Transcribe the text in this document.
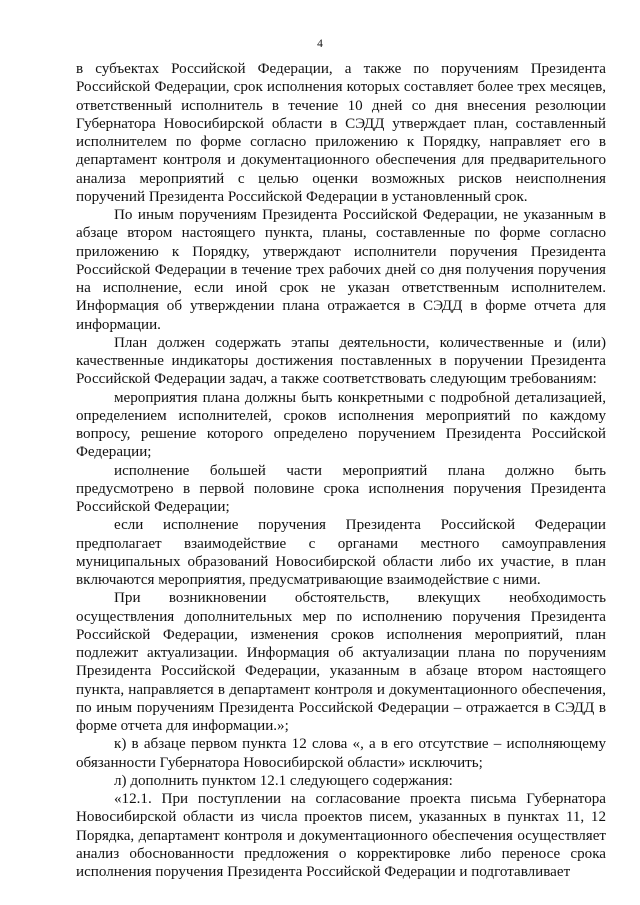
4

в субъектах Российской Федерации, а также по поручениям Президента Российской Федерации, срок исполнения которых составляет более трех месяцев, ответственный исполнитель в течение 10 дней со дня внесения резолюции Губернатора Новосибирской области в СЭДД утверждает план, составленный исполнителем по форме согласно приложению к Порядку, направляет его в департамент контроля и документационного обеспечения для предварительного анализа мероприятий с целью оценки возможных рисков неисполнения поручений Президента Российской Федерации в установленный срок.

По иным поручениям Президента Российской Федерации, не указанным в абзаце втором настоящего пункта, планы, составленные по форме согласно приложению к Порядку, утверждают исполнители поручения Президента Российской Федерации в течение трех рабочих дней со дня получения поручения на исполнение, если иной срок не указан ответственным исполнителем. Информация об утверждении плана отражается в СЭДД в форме отчета для информации.

План должен содержать этапы деятельности, количественные и (или) качественные индикаторы достижения поставленных в поручении Президента Российской Федерации задач, а также соответствовать следующим требованиям:

мероприятия плана должны быть конкретными с подробной детализацией, определением исполнителей, сроков исполнения мероприятий по каждому вопросу, решение которого определено поручением Президента Российской Федерации;

исполнение большей части мероприятий плана должно быть предусмотрено в первой половине срока исполнения поручения Президента Российской Федерации;

если исполнение поручения Президента Российской Федерации предполагает взаимодействие с органами местного самоуправления муниципальных образований Новосибирской области либо их участие, в план включаются мероприятия, предусматривающие взаимодействие с ними.

При возникновении обстоятельств, влекущих необходимость осуществления дополнительных мер по исполнению поручения Президента Российской Федерации, изменения сроков исполнения мероприятий, план подлежит актуализации. Информация об актуализации плана по поручениям Президента Российской Федерации, указанным в абзаце втором настоящего пункта, направляется в департамент контроля и документационного обеспечения, по иным поручениям Президента Российской Федерации – отражается в СЭДД в форме отчета для информации.»;

к) в абзаце первом пункта 12 слова «, а в его отсутствие – исполняющему обязанности Губернатора Новосибирской области» исключить;

л) дополнить пунктом 12.1 следующего содержания:

«12.1. При поступлении на согласование проекта письма Губернатора Новосибирской области из числа проектов писем, указанных в пунктах 11, 12 Порядка, департамент контроля и документационного обеспечения осуществляет анализ обоснованности предложения о корректировке либо переносе срока исполнения поручения Президента Российской Федерации и подготавливает
